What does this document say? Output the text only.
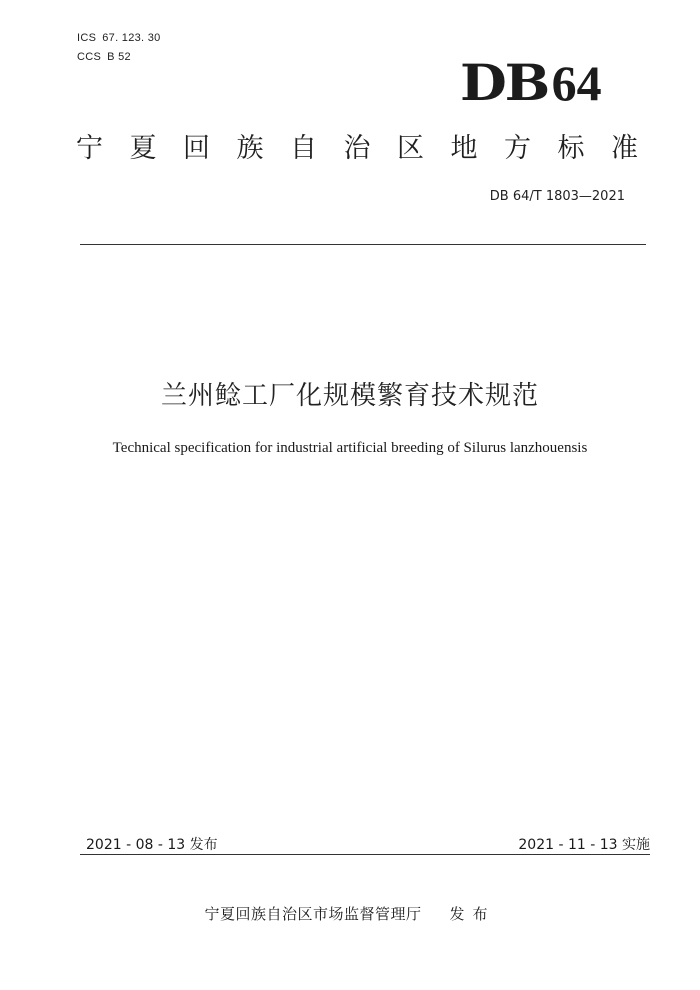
ICS 67. 123. 30
CCS B 52	DB 64
宁 夏 回 族 自 治 区 地 方 标 准
DB 64/T 1803—2021
兰州鲶工厂化规模繁育技术规范
Technical specification for industrial artificial breeding of Silurus lanzhouensis
2021 - 08 - 13 发布	2021 - 11 - 13 实施
宁夏回族自治区市场监督管理厅 发布
